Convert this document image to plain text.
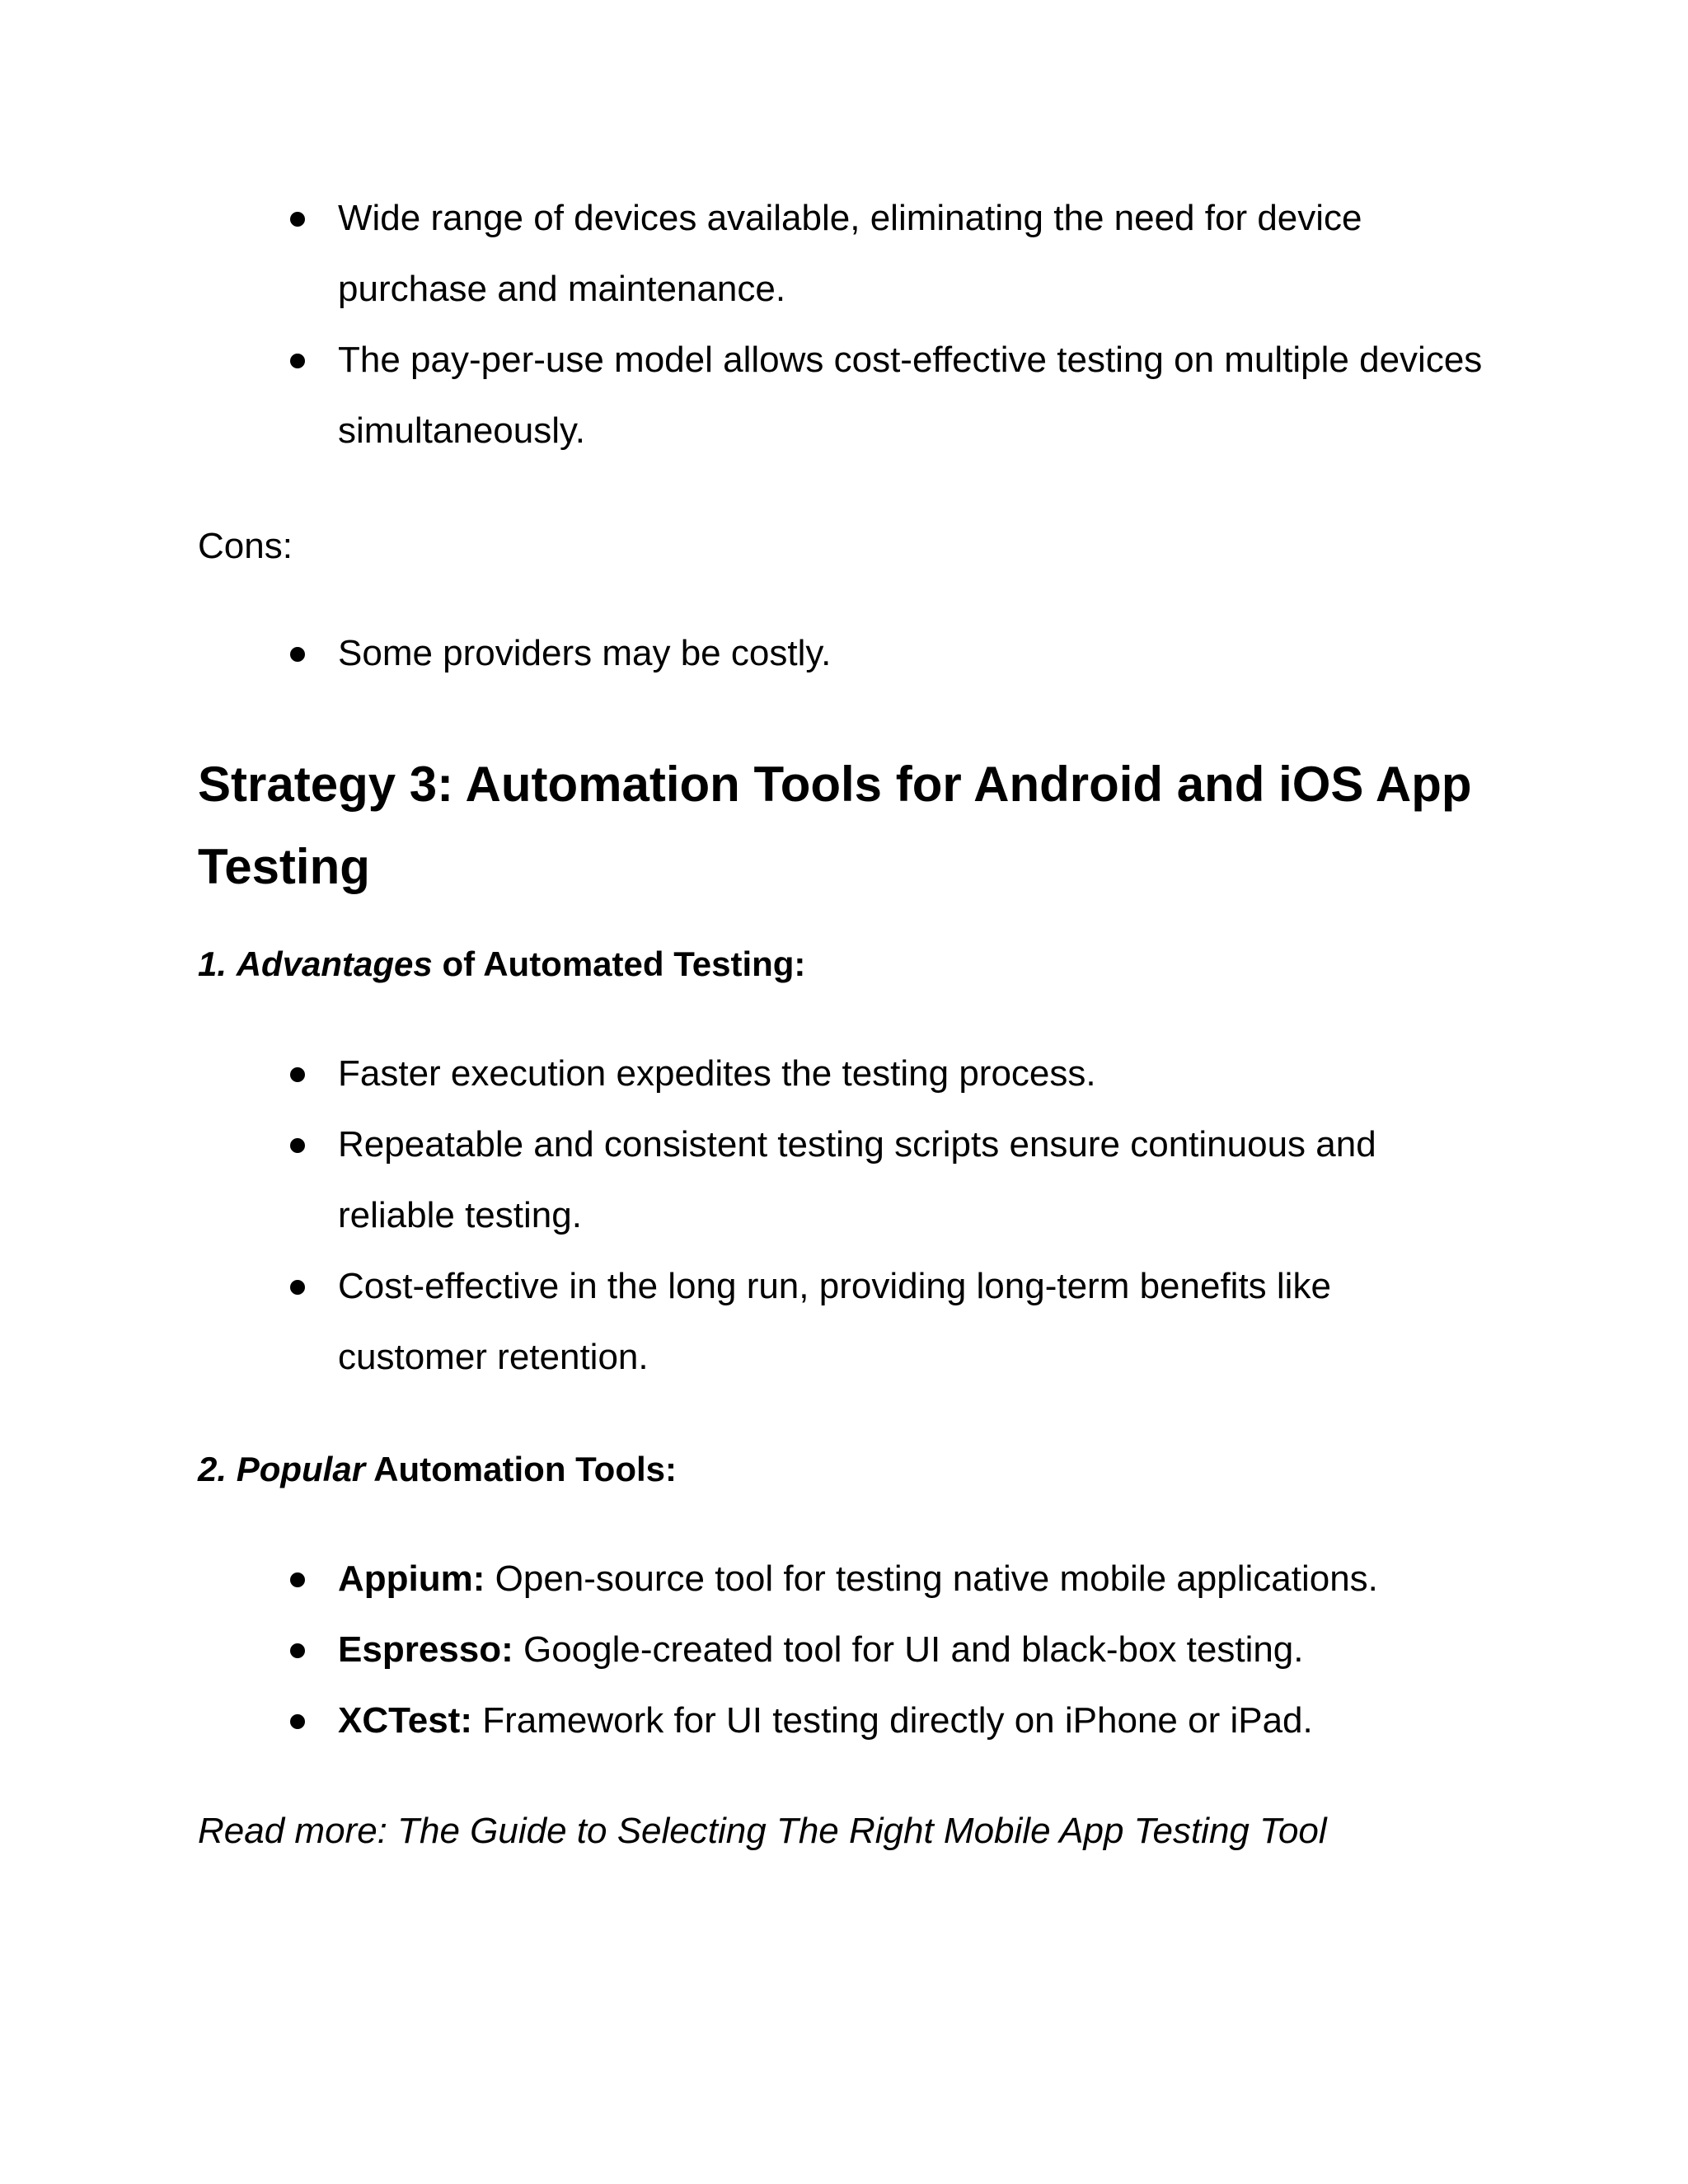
Wide range of devices available, eliminating the need for device purchase and maintenance.
The pay-per-use model allows cost-effective testing on multiple devices simultaneously.

Cons:

Some providers may be costly.
Strategy 3: Automation Tools for Android and iOS App Testing
1. Advantages of Automated Testing:
Faster execution expedites the testing process.
Repeatable and consistent testing scripts ensure continuous and reliable testing.
Cost-effective in the long run, providing long-term benefits like customer retention.
2. Popular Automation Tools:
Appium: Open-source tool for testing native mobile applications.
Espresso: Google-created tool for UI and black-box testing.
XCTest: Framework for UI testing directly on iPhone or iPad.

Read more: The Guide to Selecting The Right Mobile App Testing Tool
